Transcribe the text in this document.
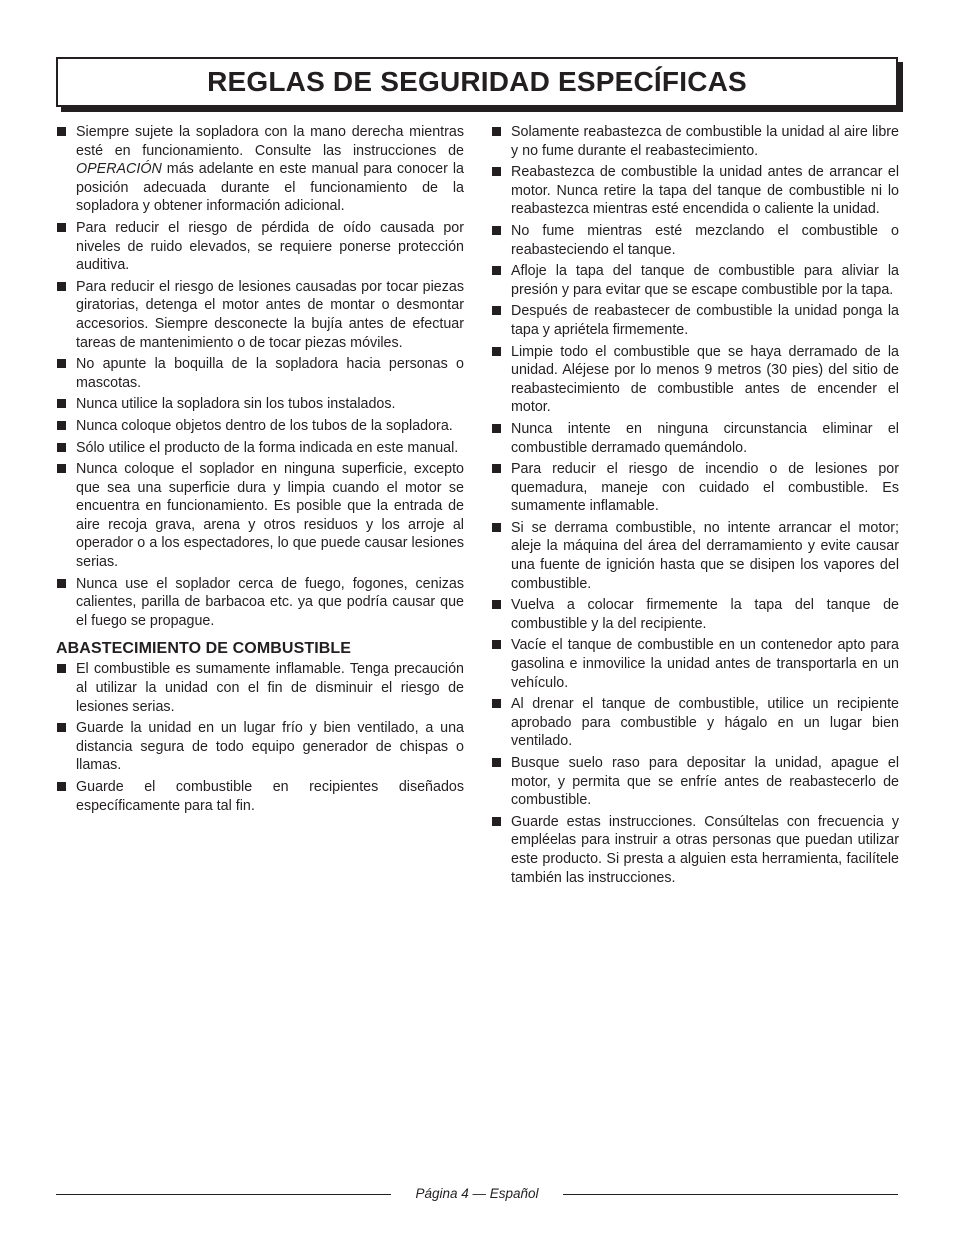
REGLAS DE SEGURIDAD ESPECÍFICAS
Siempre sujete la sopladora con la mano derecha mientras esté en funcionamiento. Consulte las instrucciones de OPERACIÓN más adelante en este manual para conocer la posición adecuada durante el funcionamiento de la sopladora y obtener información adicional.
Para reducir el riesgo de pérdida de oído causada por niveles de ruido elevados, se requiere ponerse protección auditiva.
Para reducir el riesgo de lesiones causadas por tocar piezas giratorias, detenga el motor antes de montar o desmontar accesorios. Siempre desconecte la bujía antes de efectuar tareas de mantenimiento o de tocar piezas móviles.
No apunte la boquilla de la sopladora hacia personas o mascotas.
Nunca utilice la sopladora sin los tubos instalados.
Nunca coloque objetos dentro de los tubos de la sopladora.
Sólo utilice el producto de la forma indicada en este manual.
Nunca coloque el soplador en ninguna superficie, excepto que sea una superficie dura y limpia cuando el motor se encuentra en funcionamiento. Es posible que la entrada de aire recoja grava, arena y otros residuos y los arroje al operador o a los espectadores, lo que puede causar lesiones serias.
Nunca use el soplador cerca de fuego, fogones, cenizas calientes, parilla de barbacoa etc. ya que podría causar que el fuego se propague.
ABASTECIMIENTO DE COMBUSTIBLE
El combustible es sumamente inflamable. Tenga precaución al utilizar la unidad con el fin de disminuir el riesgo de lesiones serias.
Guarde la unidad en un lugar frío y bien ventilado, a una distancia segura de todo equipo generador de chispas o llamas.
Guarde el combustible en recipientes diseñados específicamente para tal fin.
Solamente reabastezca de combustible la unidad al aire libre y no fume durante el reabastecimiento.
Reabastezca de combustible la unidad antes de arrancar el motor. Nunca retire la tapa del tanque de combustible ni lo reabastezca mientras esté encendida o caliente la unidad.
No fume mientras esté mezclando el combustible o reabasteciendo el tanque.
Afloje la tapa del tanque de combustible para aliviar la presión y para evitar que se escape combustible por la tapa.
Después de reabastecer de combustible la unidad ponga la tapa y apriétela firmemente.
Limpie todo el combustible que se haya derramado de la unidad. Aléjese por lo menos 9 metros (30 pies) del sitio de reabastecimiento de combustible antes de encender el motor.
Nunca intente en ninguna circunstancia eliminar el combustible derramado quemándolo.
Para reducir el riesgo de incendio o de lesiones por quemadura, maneje con cuidado el combustible. Es sumamente inflamable.
Si se derrama combustible, no intente arrancar el motor; aleje la máquina del área del derramamiento y evite causar una fuente de ignición hasta que se disipen los vapores del combustible.
Vuelva a colocar firmemente la tapa del tanque de combustible y la del recipiente.
Vacíe el tanque de combustible en un contenedor apto para gasolina e inmovilice la unidad antes de transportarla en un vehículo.
Al drenar el tanque de combustible, utilice un recipiente aprobado para combustible y hágalo en un lugar bien ventilado.
Busque suelo raso para depositar la unidad, apague el motor, y permita que se enfríe antes de reabastecerlo de combustible.
Guarde estas instrucciones. Consúltelas con frecuencia y empléelas para instruir a otras personas que puedan utilizar este producto. Si presta a alguien esta herramienta, facilítele también las instrucciones.
Página 4 — Español
